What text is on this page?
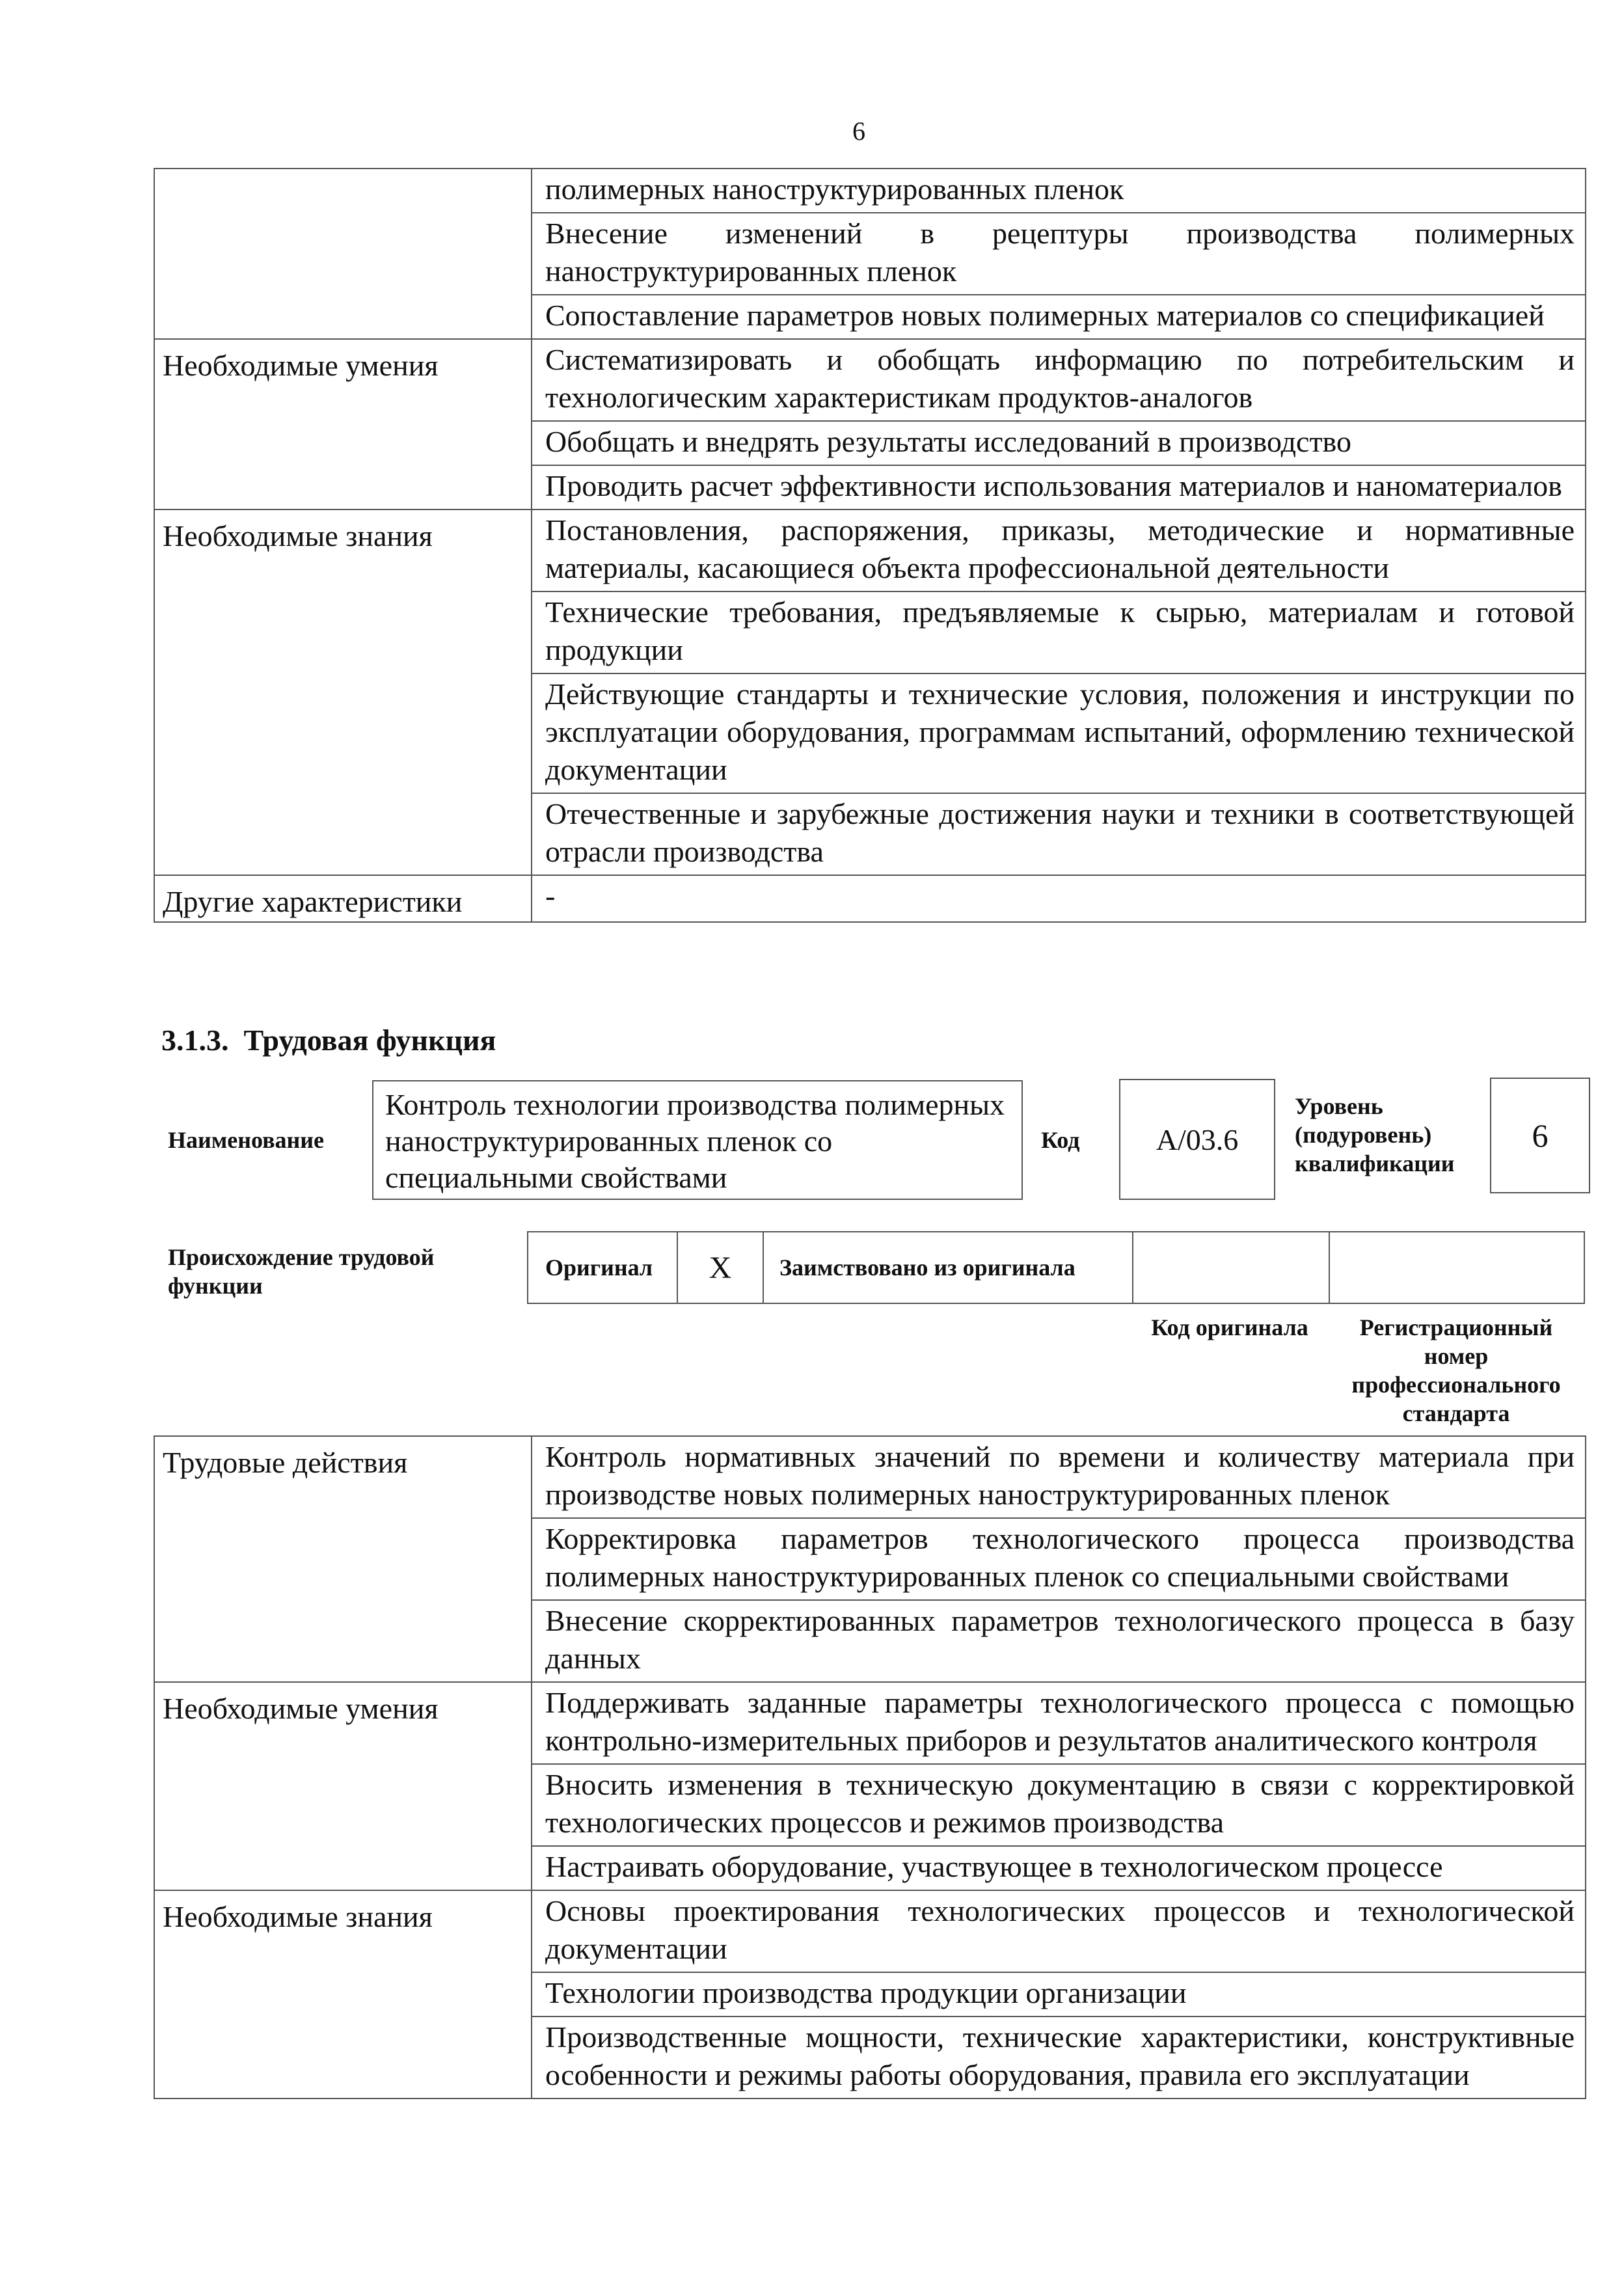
6

	полимерных наноструктурированных пленок
Внесение изменений в рецептуры производства полимерных наноструктурированных пленок
Сопоставление параметров новых полимерных материалов со спецификацией

Необходимые умения	Систематизировать и обобщать информацию по потребительским и технологическим характеристикам продуктов-аналогов
Обобщать и внедрять результаты исследований в производство
Проводить расчет эффективности использования материалов и наноматериалов

Необходимые знания	Постановления, распоряжения, приказы, методические и нормативные материалы, касающиеся объекта профессиональной деятельности
Технические требования, предъявляемые к сырью, материалам и готовой продукции
Действующие стандарты и технические условия, положения и инструкции по эксплуатации оборудования, программам испытаний, оформлению технической документации
Отечественные и зарубежные достижения науки и техники в соответствующей отрасли производства

Другие характеристики	-
3.1.3. Трудовая функция
Наименование
Контроль технологии производства полимерных наноструктурированных пленок со специальными свойствами
Код	А/03.6
Уровень (подуровень) квалификации
6
Происхождение трудовой функции
Оригинал	X	Заимствовано из оригинала
Код оригинала	Регистрационный номер профессионального стандарта
Трудовые действия	Контроль нормативных значений по времени и количеству материала при производстве новых полимерных наноструктурированных пленок
Корректировка параметров технологического процесса производства полимерных наноструктурированных пленок со специальными свойствами
Внесение скорректированных параметров технологического процесса в базу данных

Необходимые умения	Поддерживать заданные параметры технологического процесса с помощью контрольно-измерительных приборов и результатов аналитического контроля
Вносить изменения в техническую документацию в связи с корректировкой технологических процессов и режимов производства
Настраивать оборудование, участвующее в технологическом процессе

Необходимые знания	Основы проектирования технологических процессов и технологической документации
Технологии производства продукции организации
Производственные мощности, технические характеристики, конструктивные особенности и режимы работы оборудования, правила его эксплуатации
